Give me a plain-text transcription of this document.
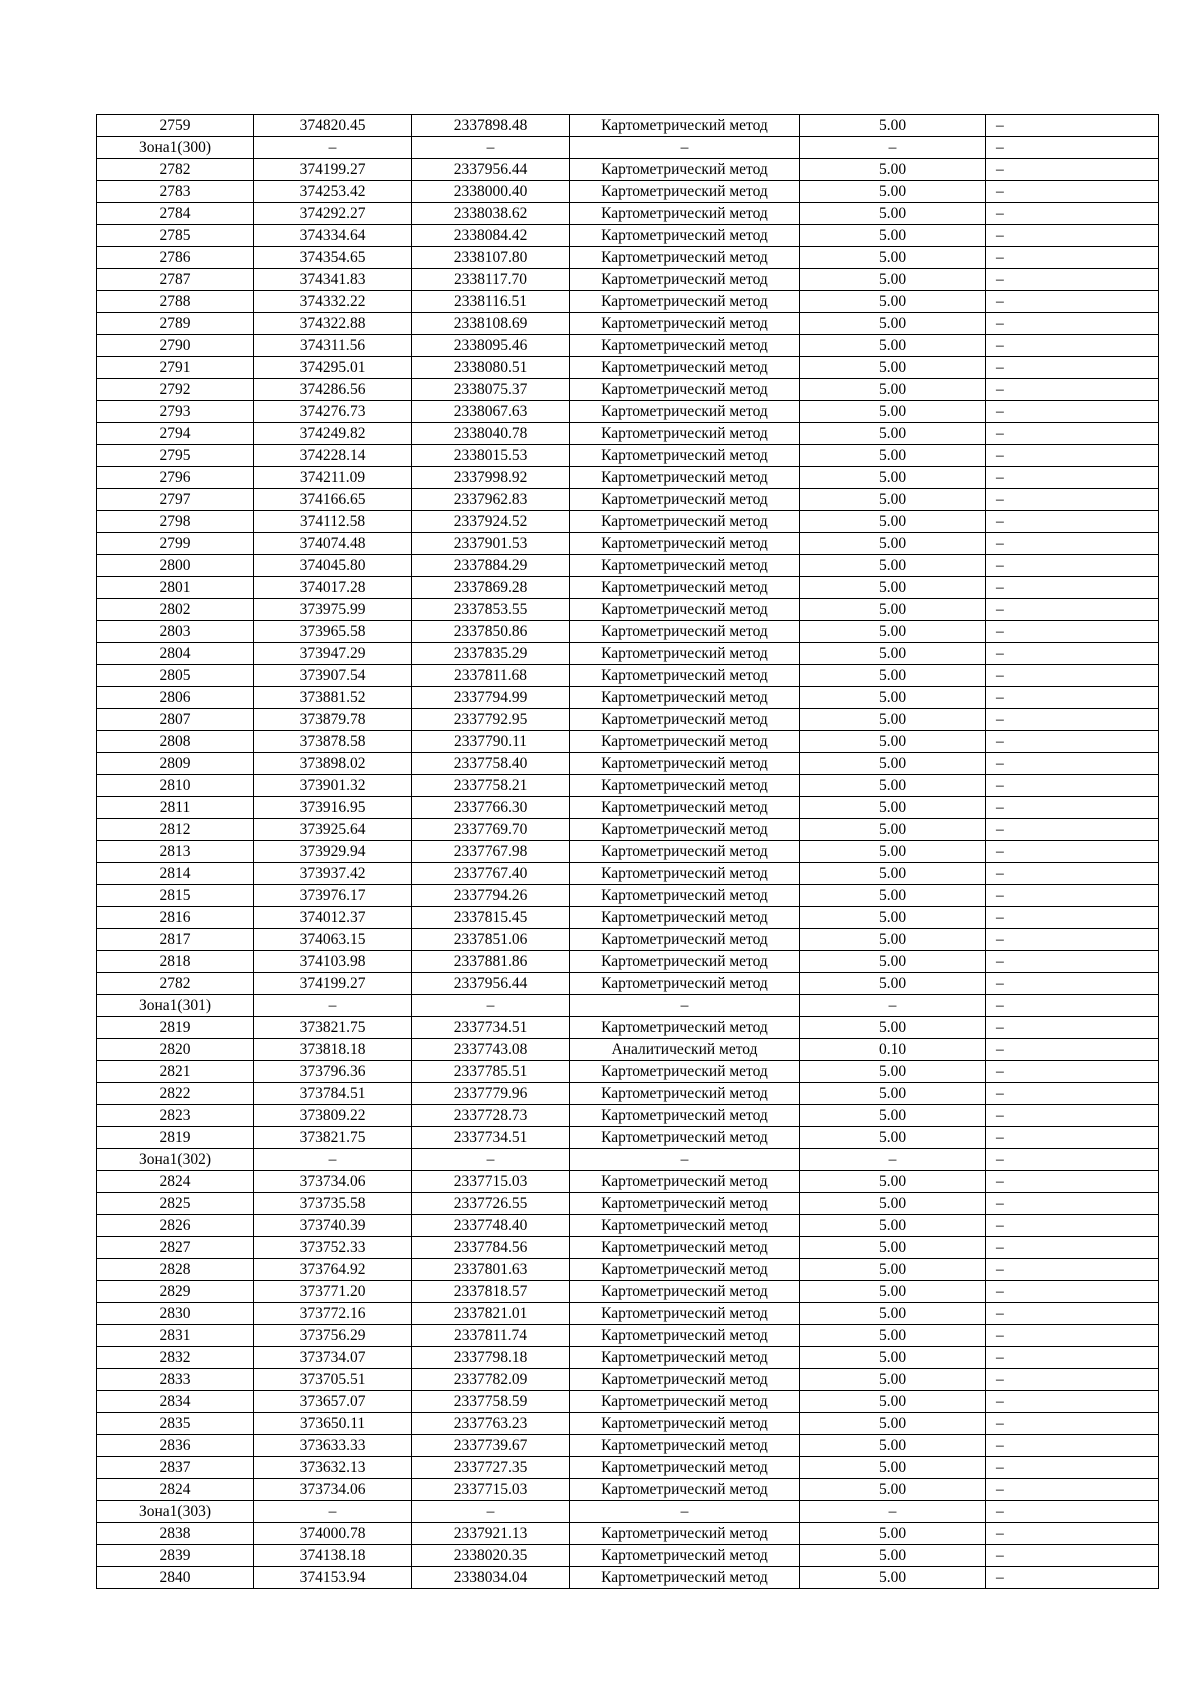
2759	374820.45	2337898.48	Картометрический метод	5.00	–
Зона1(300)	–	–	–	–	–
2782	374199.27	2337956.44	Картометрический метод	5.00	–
2783	374253.42	2338000.40	Картометрический метод	5.00	–
2784	374292.27	2338038.62	Картометрический метод	5.00	–
2785	374334.64	2338084.42	Картометрический метод	5.00	–
2786	374354.65	2338107.80	Картометрический метод	5.00	–
2787	374341.83	2338117.70	Картометрический метод	5.00	–
2788	374332.22	2338116.51	Картометрический метод	5.00	–
2789	374322.88	2338108.69	Картометрический метод	5.00	–
2790	374311.56	2338095.46	Картометрический метод	5.00	–
2791	374295.01	2338080.51	Картометрический метод	5.00	–
2792	374286.56	2338075.37	Картометрический метод	5.00	–
2793	374276.73	2338067.63	Картометрический метод	5.00	–
2794	374249.82	2338040.78	Картометрический метод	5.00	–
2795	374228.14	2338015.53	Картометрический метод	5.00	–
2796	374211.09	2337998.92	Картометрический метод	5.00	–
2797	374166.65	2337962.83	Картометрический метод	5.00	–
2798	374112.58	2337924.52	Картометрический метод	5.00	–
2799	374074.48	2337901.53	Картометрический метод	5.00	–
2800	374045.80	2337884.29	Картометрический метод	5.00	–
2801	374017.28	2337869.28	Картометрический метод	5.00	–
2802	373975.99	2337853.55	Картометрический метод	5.00	–
2803	373965.58	2337850.86	Картометрический метод	5.00	–
2804	373947.29	2337835.29	Картометрический метод	5.00	–
2805	373907.54	2337811.68	Картометрический метод	5.00	–
2806	373881.52	2337794.99	Картометрический метод	5.00	–
2807	373879.78	2337792.95	Картометрический метод	5.00	–
2808	373878.58	2337790.11	Картометрический метод	5.00	–
2809	373898.02	2337758.40	Картометрический метод	5.00	–
2810	373901.32	2337758.21	Картометрический метод	5.00	–
2811	373916.95	2337766.30	Картометрический метод	5.00	–
2812	373925.64	2337769.70	Картометрический метод	5.00	–
2813	373929.94	2337767.98	Картометрический метод	5.00	–
2814	373937.42	2337767.40	Картометрический метод	5.00	–
2815	373976.17	2337794.26	Картометрический метод	5.00	–
2816	374012.37	2337815.45	Картометрический метод	5.00	–
2817	374063.15	2337851.06	Картометрический метод	5.00	–
2818	374103.98	2337881.86	Картометрический метод	5.00	–
2782	374199.27	2337956.44	Картометрический метод	5.00	–
Зона1(301)	–	–	–	–	–
2819	373821.75	2337734.51	Картометрический метод	5.00	–
2820	373818.18	2337743.08	Аналитический метод	0.10	–
2821	373796.36	2337785.51	Картометрический метод	5.00	–
2822	373784.51	2337779.96	Картометрический метод	5.00	–
2823	373809.22	2337728.73	Картометрический метод	5.00	–
2819	373821.75	2337734.51	Картометрический метод	5.00	–
Зона1(302)	–	–	–	–	–
2824	373734.06	2337715.03	Картометрический метод	5.00	–
2825	373735.58	2337726.55	Картометрический метод	5.00	–
2826	373740.39	2337748.40	Картометрический метод	5.00	–
2827	373752.33	2337784.56	Картометрический метод	5.00	–
2828	373764.92	2337801.63	Картометрический метод	5.00	–
2829	373771.20	2337818.57	Картометрический метод	5.00	–
2830	373772.16	2337821.01	Картометрический метод	5.00	–
2831	373756.29	2337811.74	Картометрический метод	5.00	–
2832	373734.07	2337798.18	Картометрический метод	5.00	–
2833	373705.51	2337782.09	Картометрический метод	5.00	–
2834	373657.07	2337758.59	Картометрический метод	5.00	–
2835	373650.11	2337763.23	Картометрический метод	5.00	–
2836	373633.33	2337739.67	Картометрический метод	5.00	–
2837	373632.13	2337727.35	Картометрический метод	5.00	–
2824	373734.06	2337715.03	Картометрический метод	5.00	–
Зона1(303)	–	–	–	–	–
2838	374000.78	2337921.13	Картометрический метод	5.00	–
2839	374138.18	2338020.35	Картометрический метод	5.00	–
2840	374153.94	2338034.04	Картометрический метод	5.00	–
